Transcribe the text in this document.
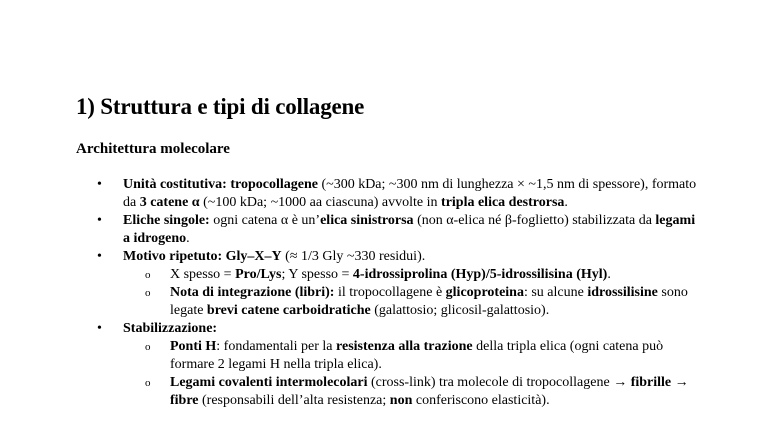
1) Struttura e tipi di collagene
Architettura molecolare
• Unità costitutiva: tropocollagene (~300 kDa; ~300 nm di lunghezza × ~1,5 nm di spessore), formato da 3 catene α (~100 kDa; ~1000 aa ciascuna) avvolte in tripla elica destrorsa.
• Eliche singole: ogni catena α è un’elica sinistrorsa (non α-elica né β-foglietto) stabilizzata da legami a idrogeno.
• Motivo ripetuto: Gly–X–Y (≈ 1/3 Gly ~330 residui).
o X spesso = Pro/Lys; Y spesso = 4-idrossiprolina (Hyp)/5-idrossilisina (Hyl).
o Nota di integrazione (libri): il tropocollagene è glicoproteina: su alcune idrossilisine sono legate brevi catene carboidratiche (galattosio; glicosil-galattosio).
• Stabilizzazione:
o Ponti H: fondamentali per la resistenza alla trazione della tripla elica (ogni catena può formare 2 legami H nella tripla elica).
o Legami covalenti intermolecolari (cross-link) tra molecole di tropocollagene → fibrille → fibre (responsabili dell’alta resistenza; non conferiscono elasticità).
